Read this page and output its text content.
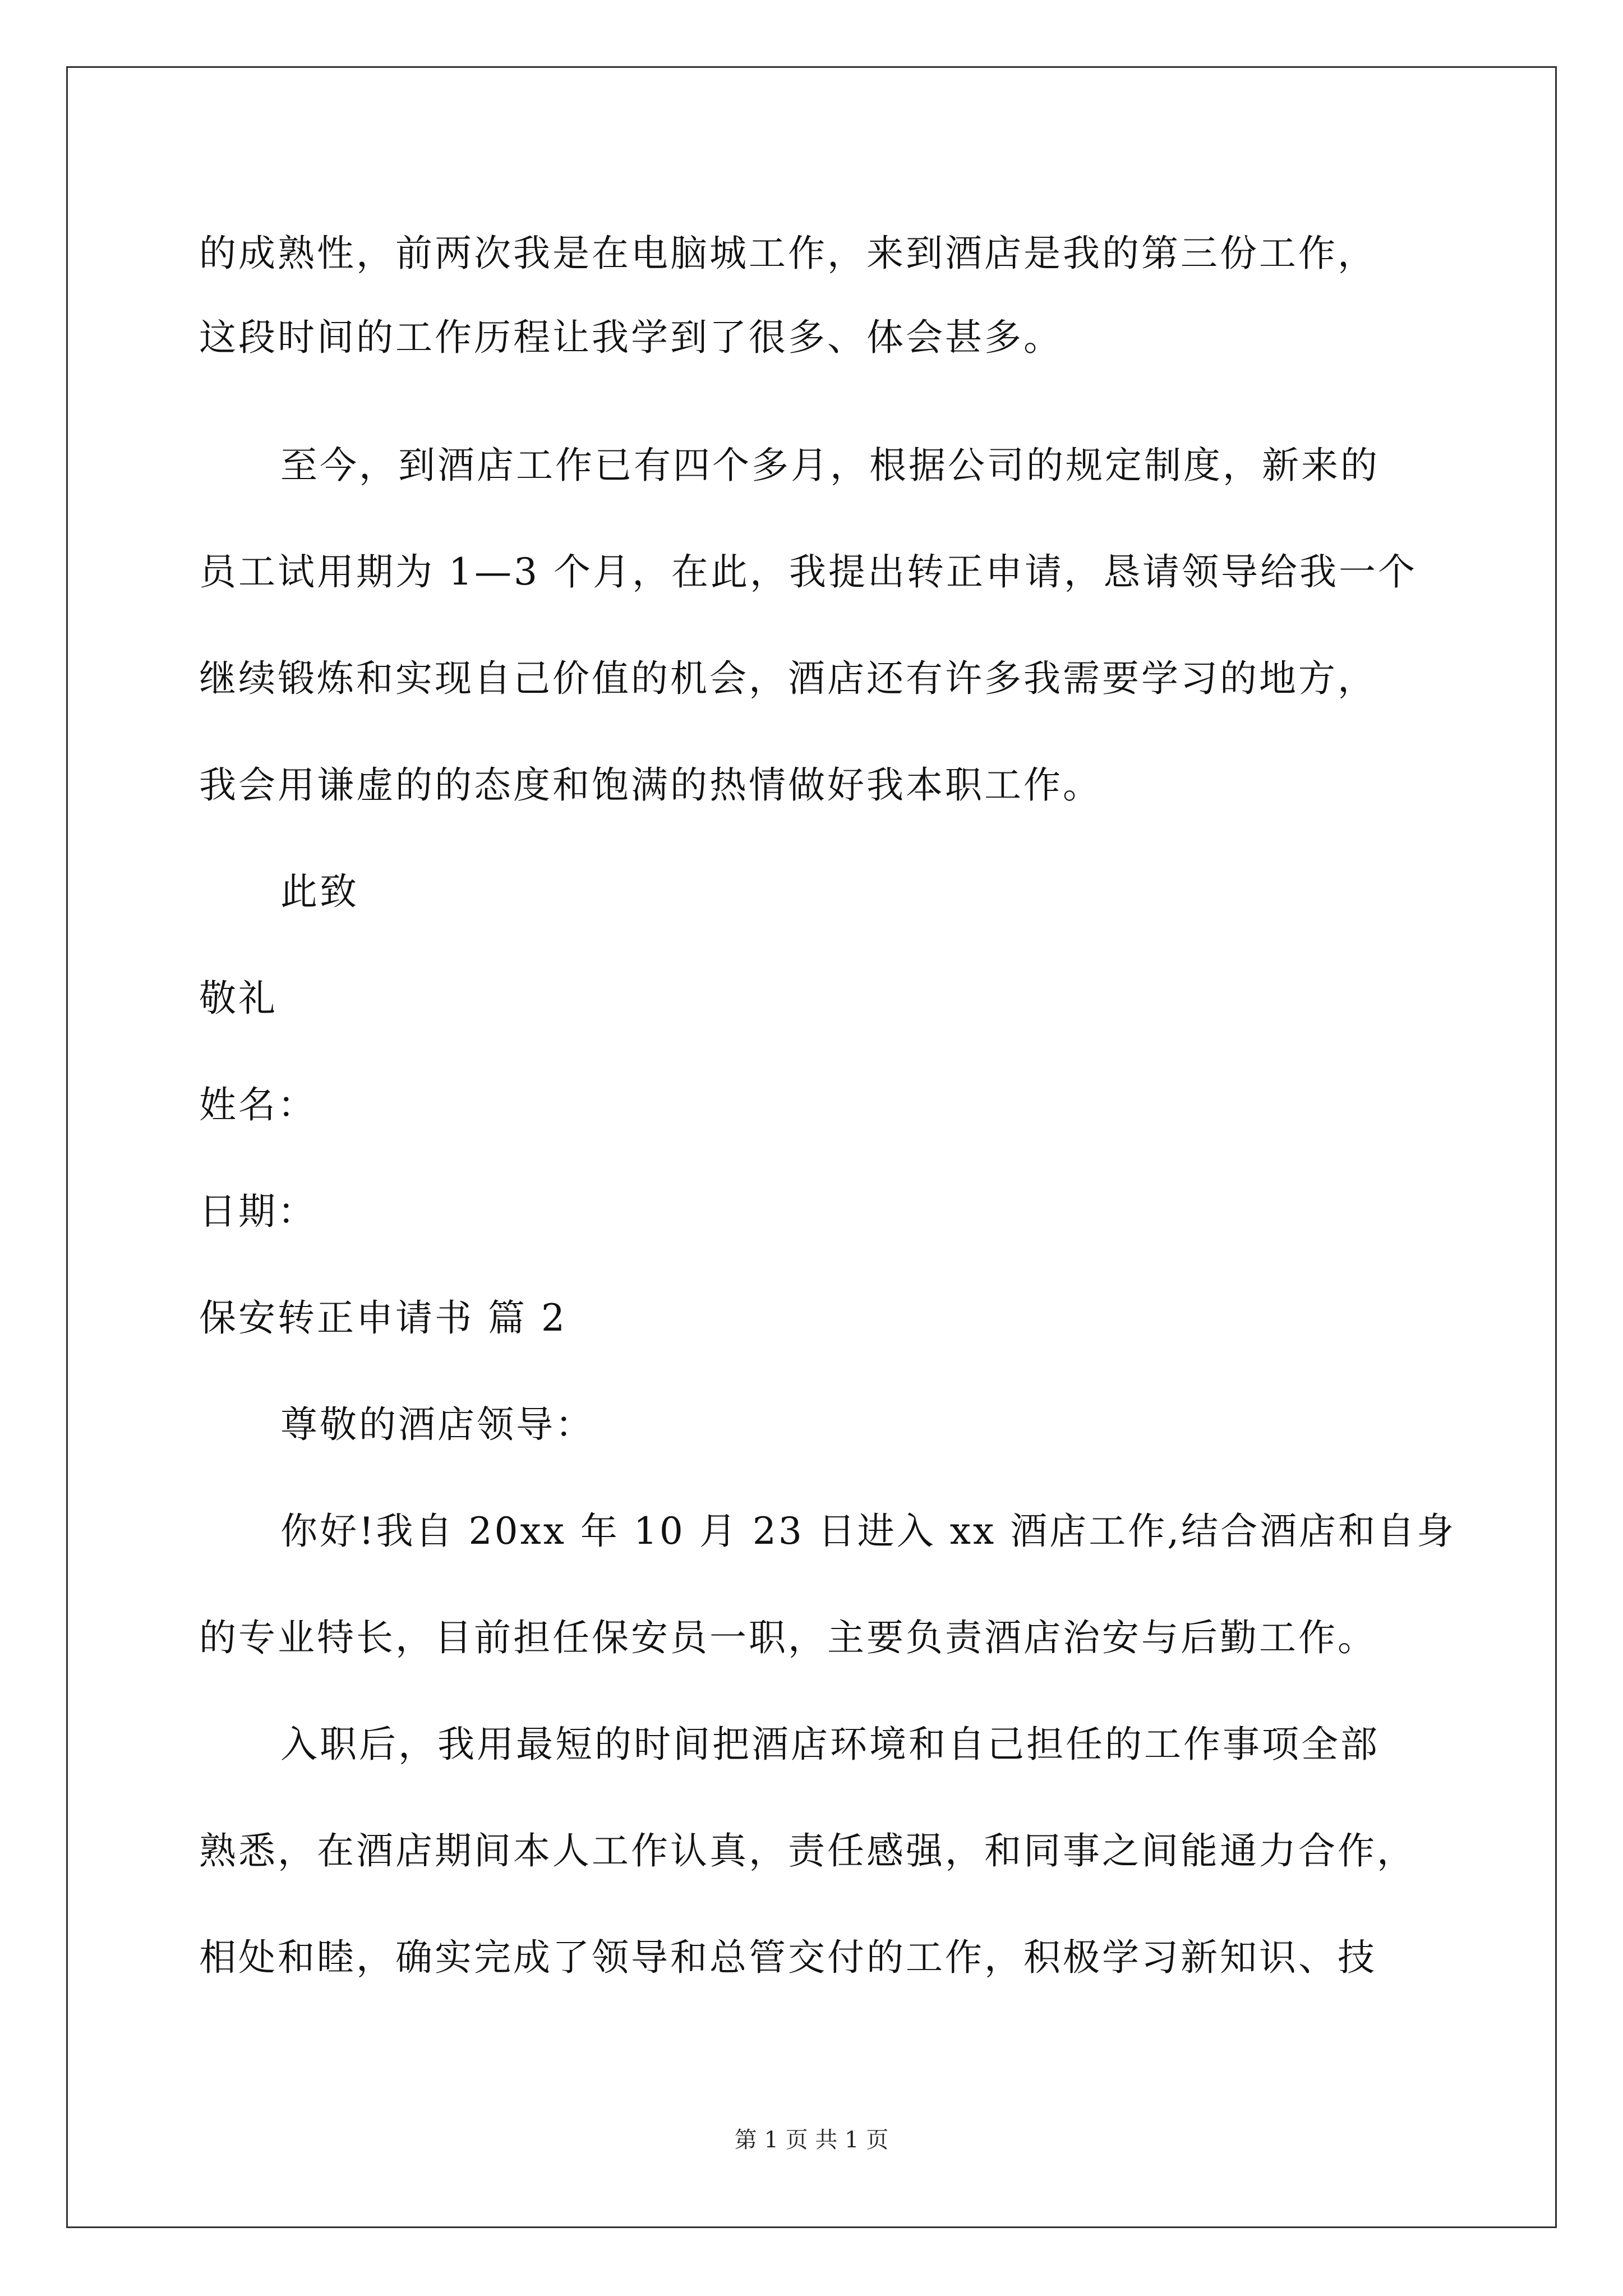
的成熟性，前两次我是在电脑城工作，来到酒店是我的第三份工作，
这段时间的工作历程让我学到了很多、体会甚多。
至今，到酒店工作已有四个多月，根据公司的规定制度，新来的
员工试用期为 1—3 个月，在此，我提出转正申请，恳请领导给我一个
继续锻炼和实现自己价值的机会，酒店还有许多我需要学习的地方，
我会用谦虚的的态度和饱满的热情做好我本职工作。
此致
敬礼
姓名：
日期：
保安转正申请书 篇 2
尊敬的酒店领导：
你好!我自 20xx 年 10 月 23 日进入 xx 酒店工作,结合酒店和自身
的专业特长，目前担任保安员一职，主要负责酒店治安与后勤工作。
入职后，我用最短的时间把酒店环境和自己担任的工作事项全部
熟悉，在酒店期间本人工作认真，责任感强，和同事之间能通力合作，
相处和睦，确实完成了领导和总管交付的工作，积极学习新知识、技
第 1 页 共 1 页
